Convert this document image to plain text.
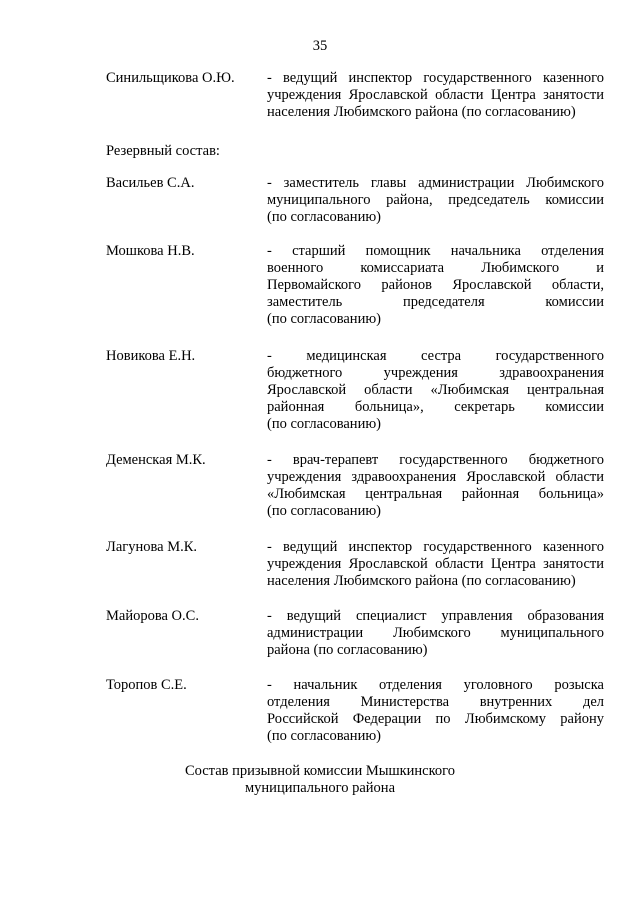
35
Синильщикова О.Ю. - ведущий инспектор государственного казенного
учреждения Ярославской области Центра занятости
населения Любимского района (по согласованию)
Резервный состав:
Васильев С.А.	- заместитель главы администрации Любимского
муниципального района, председатель комиссии
(по согласованию)
Мошкова Н.В.	- старший помощник начальника отделения
военного комиссариата Любимского и
Первомайского районов Ярославской области,
заместитель председателя комиссии
(по согласованию)
Новикова Е.Н.	- медицинская сестра государственного
бюджетного учреждения здравоохранения
Ярославской области «Любимская центральная
районная больница», секретарь комиссии
(по согласованию)
Деменская М.К.	- врач-терапевт государственного бюджетного
учреждения здравоохранения Ярославской области
«Любимская центральная районная больница»
(по согласованию)
Лагунова М.К.	- ведущий инспектор государственного казенного
учреждения Ярославской области Центра занятости
населения Любимского района (по согласованию)
Майорова О.С.	- ведущий специалист управления образования
администрации Любимского муниципального
района (по согласованию)
Торопов С.Е.	- начальник отделения уголовного розыска
отделения Министерства внутренних дел
Российской Федерации по Любимскому району
(по согласованию)
Состав призывной комиссии Мышкинского
муниципального района
